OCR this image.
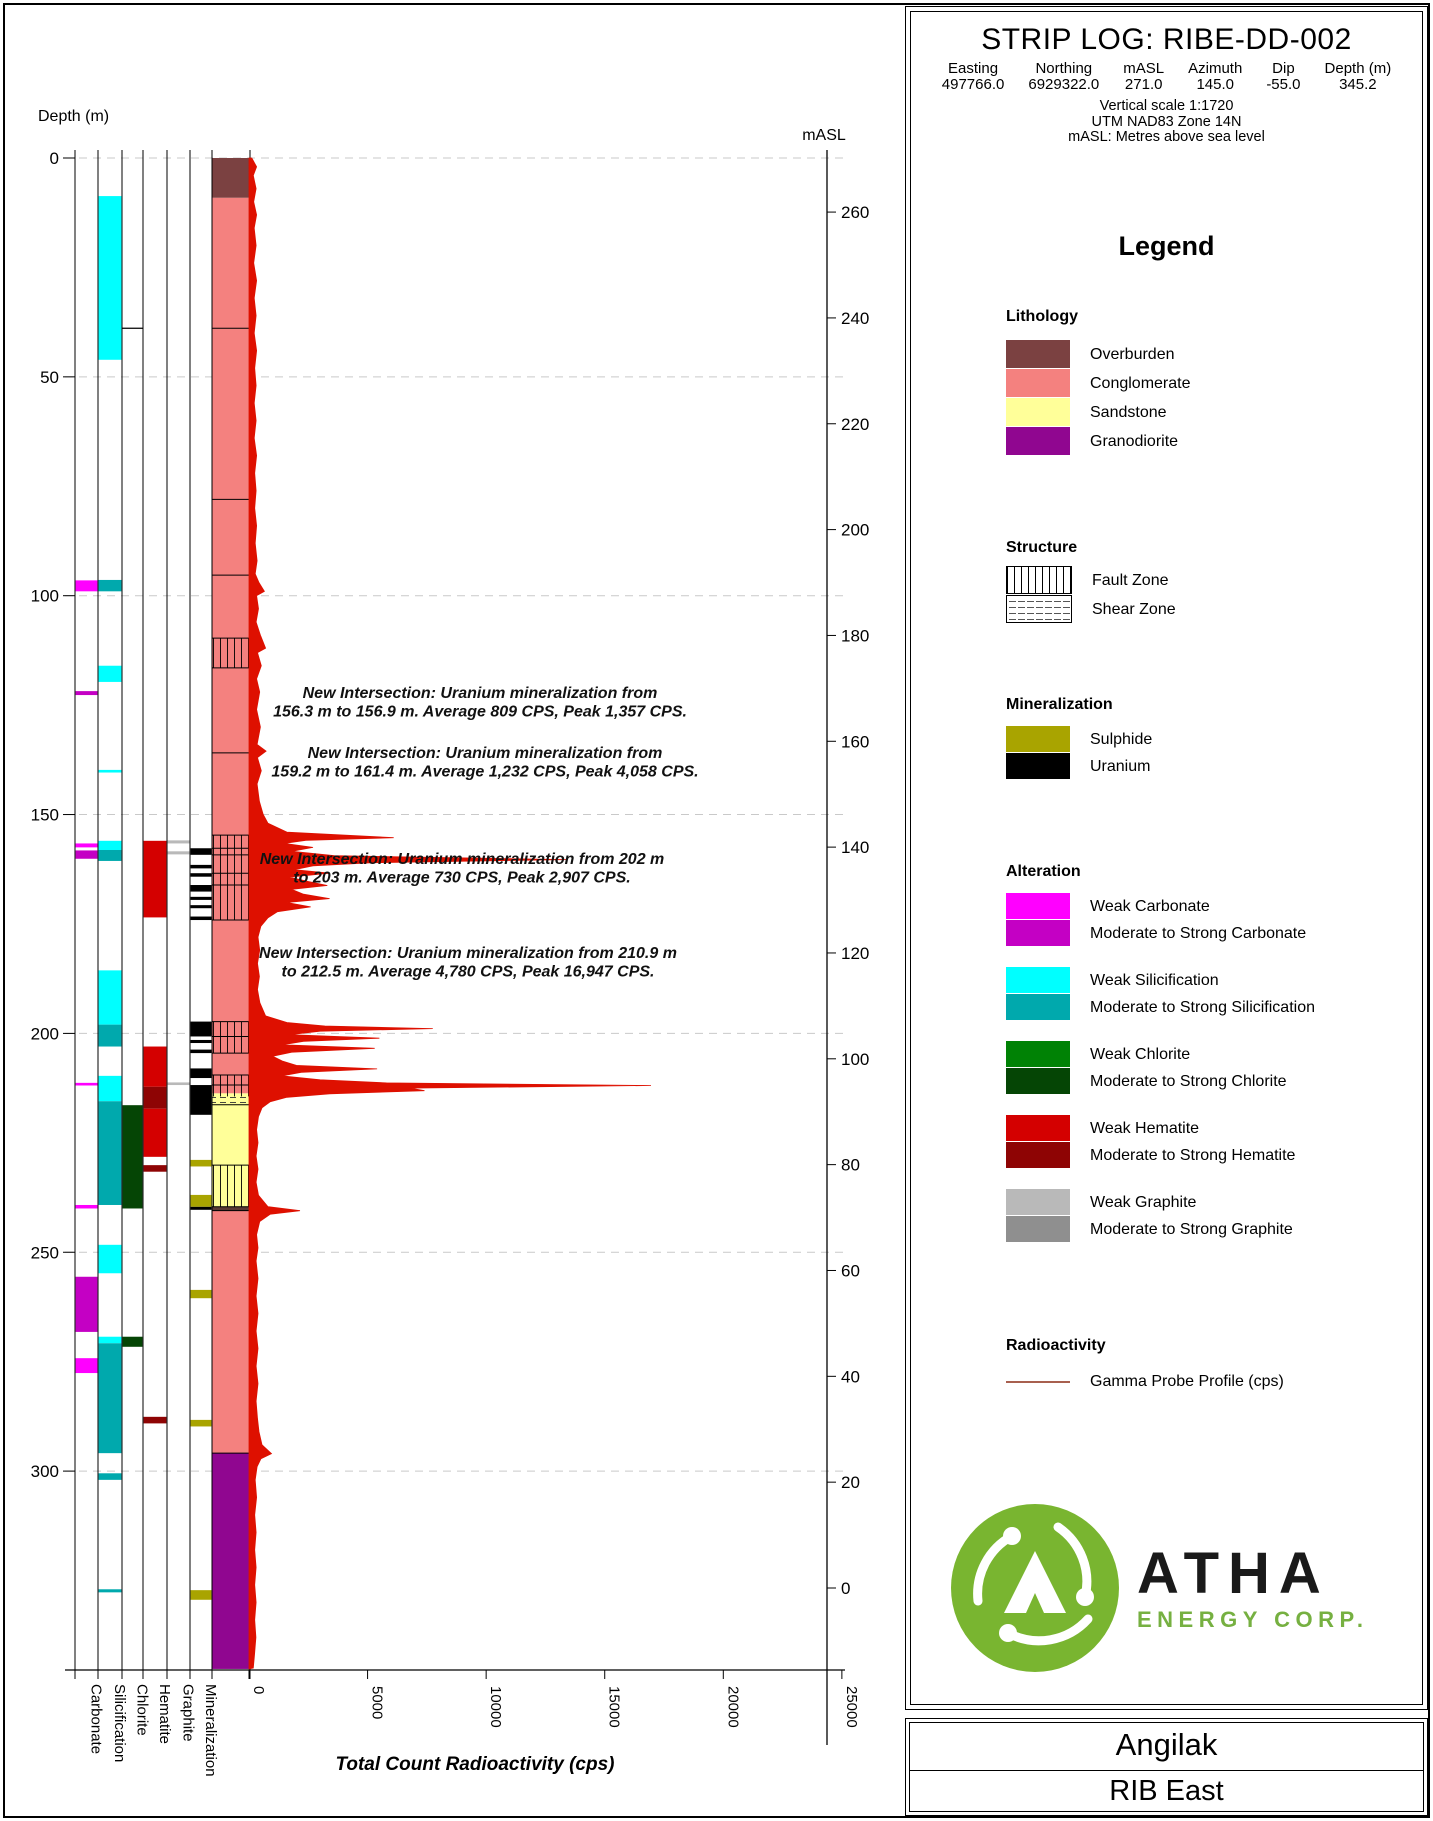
0
50
100
150
200
250
300
Depth (m)
Carbonate Silicification Chlorite Hematite Graphite Mineralization 0	5000	10000	15000	20000	25000
Total Count Radioactivity (cps)
260
240
220
200
180
160
140
120
100
80
60
40
20
0
mASL
New Intersection: Uranium mineralization from
156.3 m to 156.9 m. Average 809 CPS, Peak 1,357 CPS.
New Intersection: Uranium mineralization from
159.2 m to 161.4 m. Average 1,232 CPS, Peak 4,058 CPS.
New Intersection: Uranium mineralization from 202 m
to 203 m. Average 730 CPS, Peak 2,907 CPS.
New Intersection: Uranium mineralization from 210.9 m
to 212.5 m. Average 4,780 CPS, Peak 16,947 CPS.
STRIP LOG: RIBE-DD-002
Easting
497766.0
Northing
6929322.0
mASL
271.0
Azimuth
145.0
Dip
-55.0
Depth (m)
345.2
Vertical scale 1:1720
UTM NAD83 Zone 14N
mASL: Metres above sea level
Legend
Lithology
Overburden
Conglomerate
Sandstone
Granodiorite
Structure
Fault Zone
Shear Zone
Mineralization
Sulphide
Uranium
Alteration
Weak Carbonate
Moderate to Strong Carbonate
Weak Silicification
Moderate to Strong Silicification
Weak Chlorite
Moderate to Strong Chlorite
Weak Hematite
Moderate to Strong Hematite
Weak Graphite
Moderate to Strong Graphite
Radioactivity
Gamma Probe Profile (cps)
ATHA
ENERGY CORP.
Angilak
RIB East
